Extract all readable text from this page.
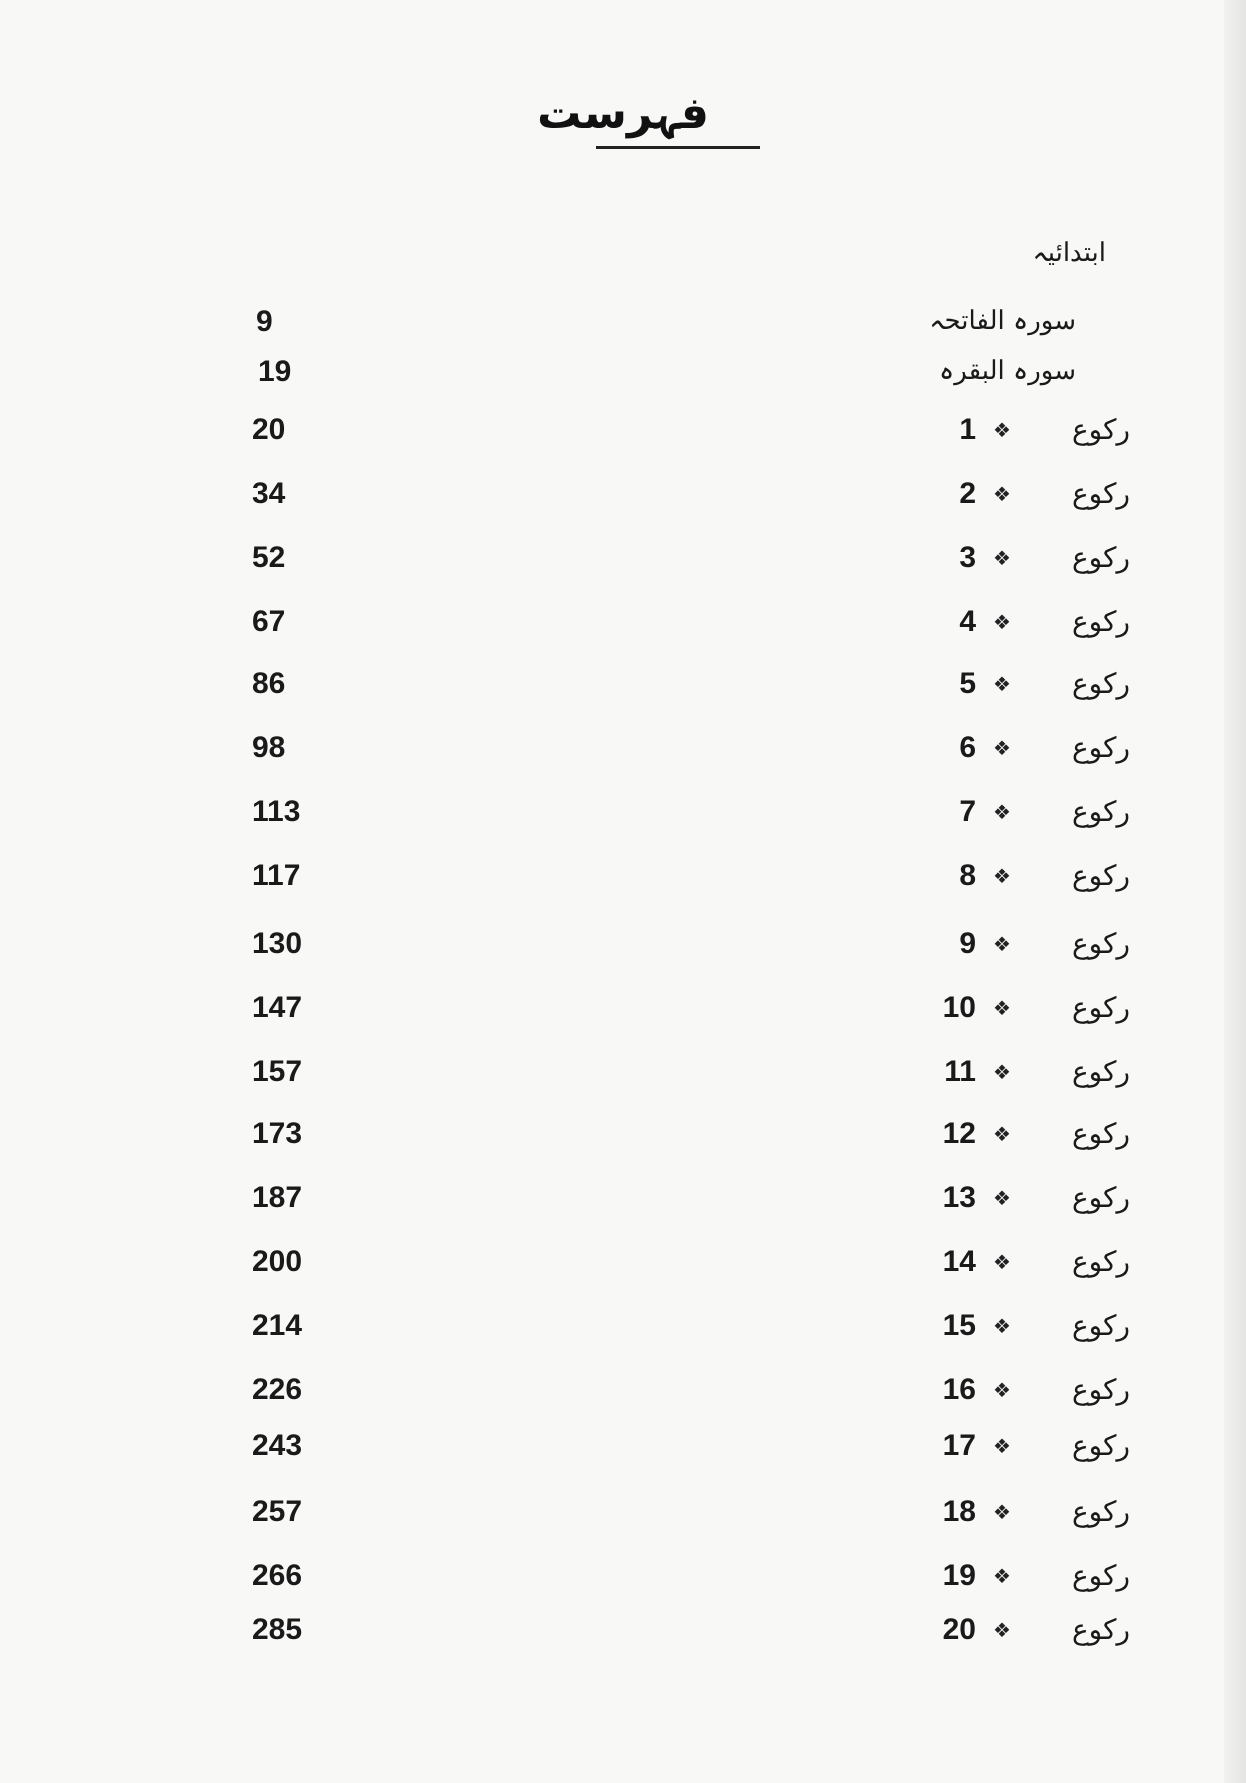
فہرست
ابتدائیہ
9	سورہ الفاتحہ
19	سورہ البقرہ
20	1 ❖	رکوع
34	2 ❖	رکوع
52	3 ❖	رکوع
67	4 ❖	رکوع
86	5 ❖	رکوع
98	6 ❖	رکوع
113	7 ❖	رکوع
117	8 ❖	رکوع
130	9 ❖	رکوع
147	10 ❖	رکوع
157	11 ❖	رکوع
173	12 ❖	رکوع
187	13 ❖	رکوع
200	14 ❖	رکوع
214	15 ❖	رکوع
226	16 ❖	رکوع
243	17 ❖	رکوع
257	18 ❖	رکوع
266	19 ❖	رکوع
285	20 ❖	رکوع
